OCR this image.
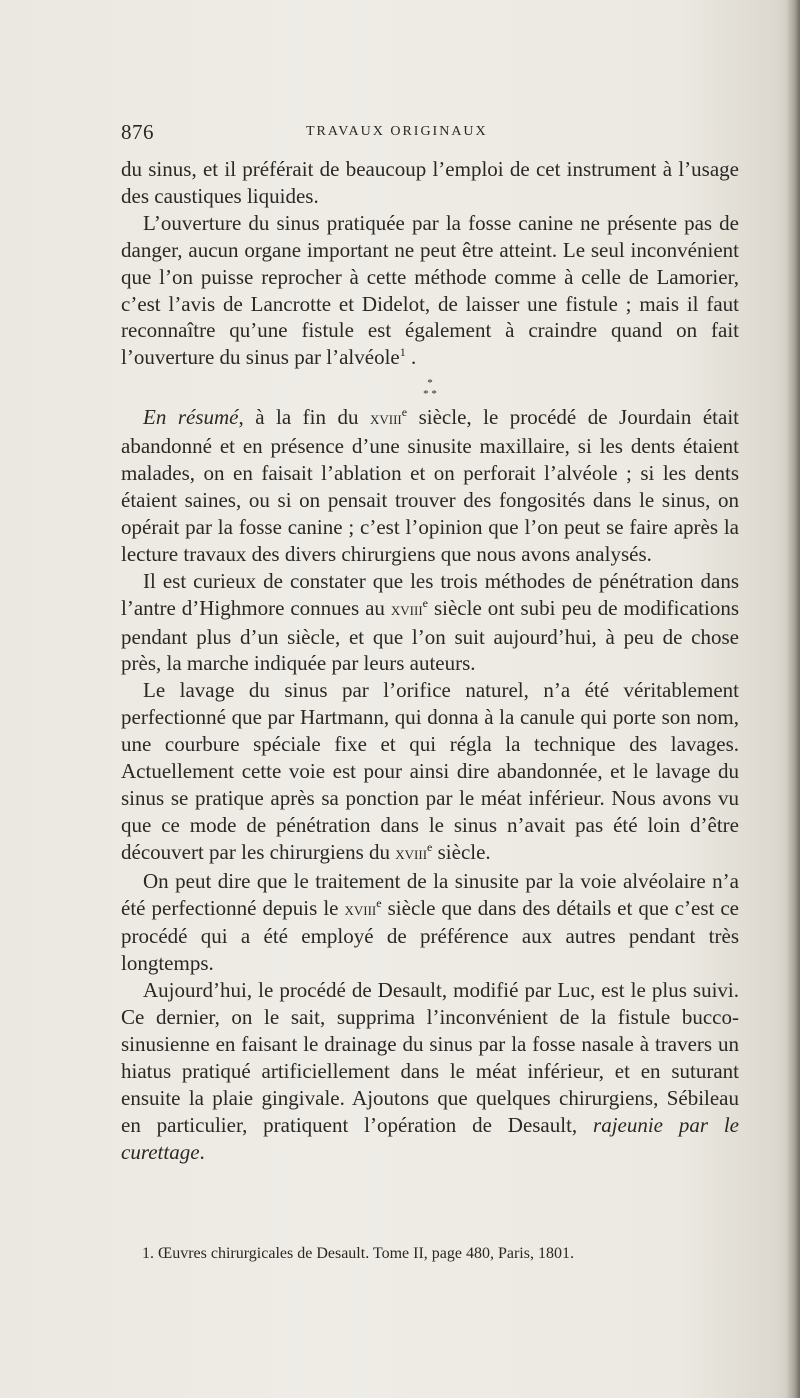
876	TRAVAUX ORIGINAUX

du sinus, et il préférait de beaucoup l’emploi de cet instrument à l’usage des caustiques liquides.

L’ouverture du sinus pratiquée par la fosse canine ne présente pas de danger, aucun organe important ne peut être atteint. Le seul inconvénient que l’on puisse reprocher à cette méthode comme à celle de Lamorier, c’est l’avis de Lancrotte et Didelot, de laisser une fistule ; mais il faut reconnaître qu’une fistule est également à craindre quand on fait l’ouverture du sinus par l’alvéole$^1$ .

*
* *

En résumé, à la fin du xviii$^e$ siècle, le procédé de Jourdain était abandonné et en présence d’une sinusite maxillaire, si les dents étaient malades, on en faisait l’ablation et on perforait l’alvéole ; si les dents étaient saines, ou si on pensait trouver des fongosités dans le sinus, on opérait par la fosse canine ; c’est l’opinion que l’on peut se faire après la lecture travaux des divers chirurgiens que nous avons analysés.

Il est curieux de constater que les trois méthodes de pénétration dans l’antre d’Highmore connues au xviii$^e$ siècle ont subi peu de modifications pendant plus d’un siècle, et que l’on suit aujourd’hui, à peu de chose près, la marche indiquée par leurs auteurs.

Le lavage du sinus par l’orifice naturel, n’a été véritablement perfectionné que par Hartmann, qui donna à la canule qui porte son nom, une courbure spéciale fixe et qui régla la technique des lavages. Actuellement cette voie est pour ainsi dire abandonnée, et le lavage du sinus se pratique après sa ponction par le méat inférieur. Nous avons vu que ce mode de pénétration dans le sinus n’avait pas été loin d’être découvert par les chirurgiens du xviii$^e$ siècle.

On peut dire que le traitement de la sinusite par la voie alvéolaire n’a été perfectionné depuis le xviii$^e$ siècle que dans des détails et que c’est ce procédé qui a été employé de préférence aux autres pendant très longtemps.

Aujourd’hui, le procédé de Desault, modifié par Luc, est le plus suivi. Ce dernier, on le sait, supprima l’inconvénient de la fistule bucco-sinusienne en faisant le drainage du sinus par la fosse nasale à travers un hiatus pratiqué artificiellement dans le méat inférieur, et en suturant ensuite la plaie gingivale. Ajoutons que quelques chirurgiens, Sébileau en particulier, pratiquent l’opération de Desault, rajeunie par le curettage.

1. Œuvres chirurgicales de Desault. Tome II, page 480, Paris, 1801.
